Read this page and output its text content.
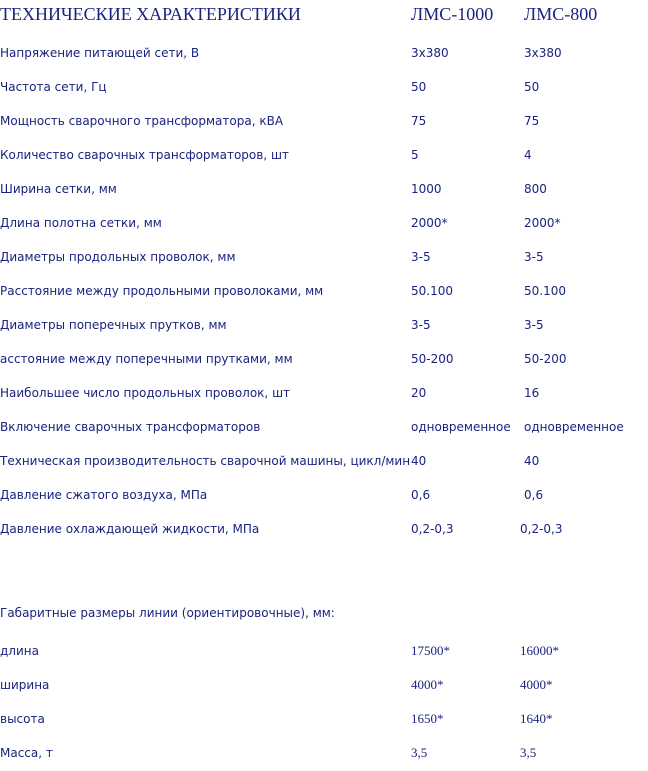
ТЕХНИЧЕСКИЕ ХАРАКТЕРИСТИКИ	ЛМС-1000 ЛМС-800
Напряжение питающей сети, В	3х380	3х380
Частота сети, Гц	50	50
Мощность сварочного трансформатора, кВА	75	75
Количество сварочных трансформаторов, шт	5	4
Ширина сетки, мм	1000	800
Длина полотна сетки, мм	2000*	2000*
Диаметры продольных проволок, мм	3-5	3-5
Расстояние между продольными проволоками, мм	50.100	50.100
Диаметры поперечных прутков, мм	3-5	3-5
асстояние между поперечными прутками, мм	50-200	50-200
Наибольшее число продольных проволок, шт	20	16
Включение сварочных трансформаторов	одновременное одновременное
Техническая производительность сварочной машины, цикл/мин 40	40
Давление сжатого воздуха, МПа	0,6	0,6
Давление охлаждающей жидкости, МПа	0,2-0,3	0,2-0,3
Габаритные размеры линии (ориентировочные), мм:
длина	17500*	16000*
ширина	4000*	4000*
высота	1650*	1640*
Масса, т	3,5	3,5
